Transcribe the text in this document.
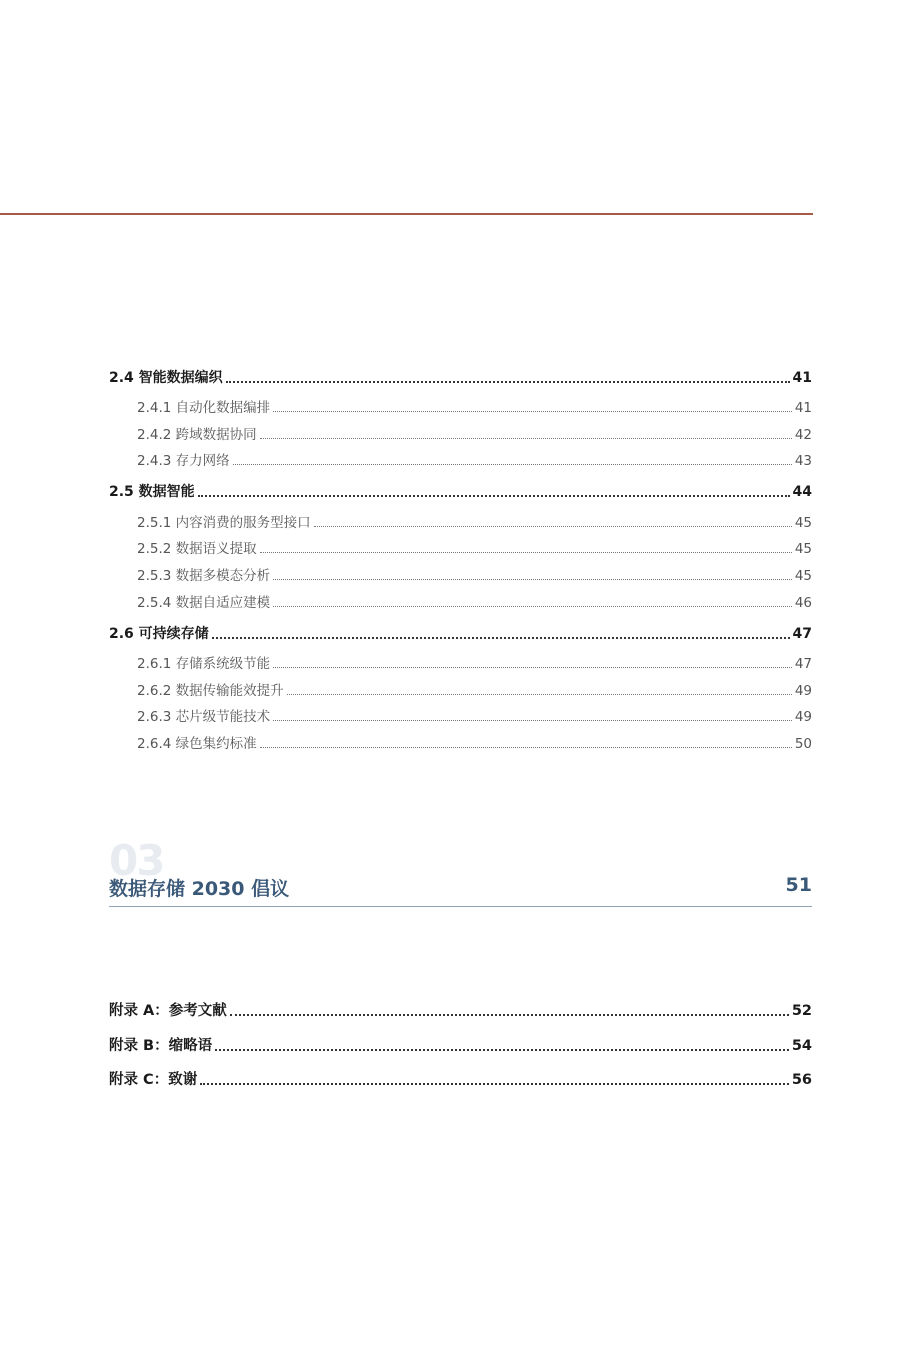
2.4 智能数据编织	41
2.4.1 自动化数据编排	41
2.4.2 跨域数据协同	42
2.4.3 存力网络	43
2.5 数据智能	44
2.5.1 内容消费的服务型接口	45
2.5.2 数据语义提取	45
2.5.3 数据多模态分析	45
2.5.4 数据自适应建模	46
2.6 可持续存储	47
2.6.1 存储系统级节能	47
2.6.2 数据传输能效提升	49
2.6.3 芯片级节能技术	49
2.6.4 绿色集约标准	50
03
数据存储 2030 倡议	51
附录 A：参考文献	52
附录 B：缩略语	54
附录 C：致谢	56
